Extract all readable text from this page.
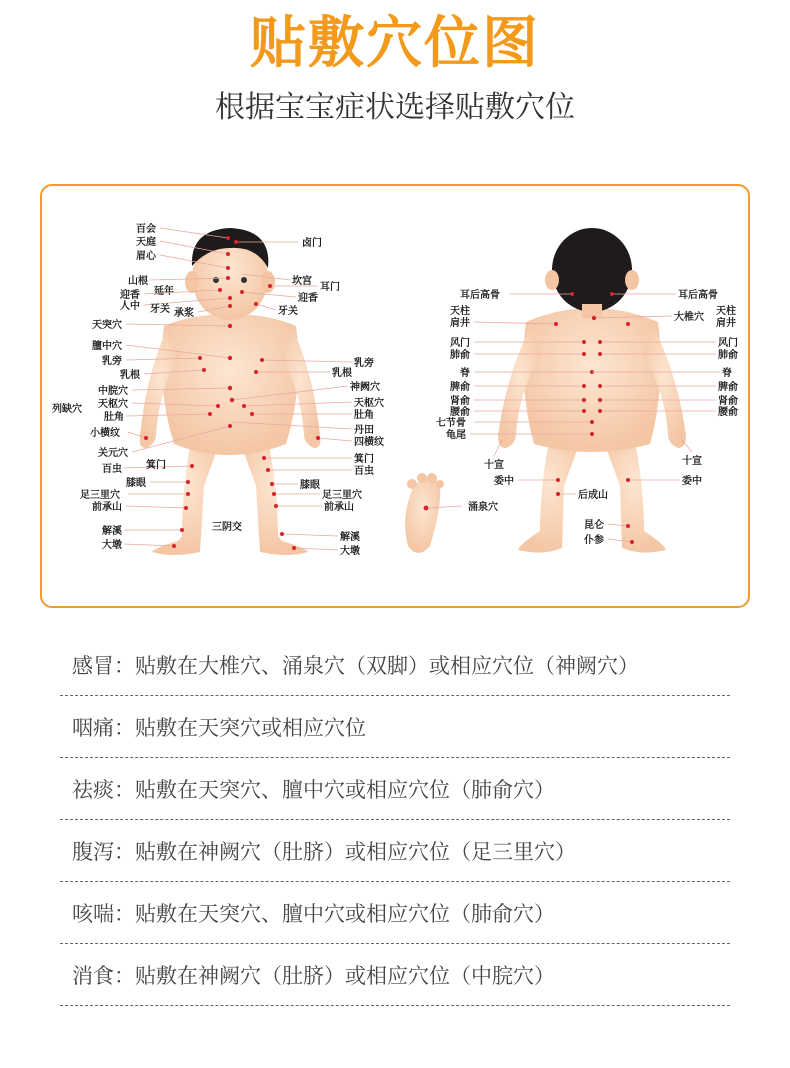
贴敷穴位图
根据宝宝症状选择贴敷穴位
涌泉穴
百会
天庭
眉心
山根
延年
迎香
人中 牙关 承浆
天突穴
膻中穴
乳旁
乳根
中脘穴
天枢穴
肚角
列缺穴
小横纹
关元穴
百虫 箕门
膝眼
足三里穴
前承山
三阴交
解溪
大墩
卤门
坎宫
耳门
迎香
牙关
乳旁
乳根
神阙穴
天枢穴
肚角
丹田
四横纹
箕门
百虫
膝眼
足三里穴
前承山
解溪
大墩
耳后高骨	耳后高骨
天柱
肩井
大椎穴
天柱
肩井
风门
肺俞
风门
肺俞
脊	脊
脾俞	脾俞
肾俞	肾俞
腰俞	腰俞
七节骨
龟尾
十宣	十宣
委中	委中
后成山
昆仑
仆参
感冒：贴敷在大椎穴、涌泉穴（双脚）或相应穴位（神阙穴）
咽痛：贴敷在天突穴或相应穴位
祛痰：贴敷在天突穴、膻中穴或相应穴位（肺俞穴）
腹泻：贴敷在神阙穴（肚脐）或相应穴位（足三里穴）
咳喘：贴敷在天突穴、膻中穴或相应穴位（肺俞穴）
消食：贴敷在神阙穴（肚脐）或相应穴位（中脘穴）
